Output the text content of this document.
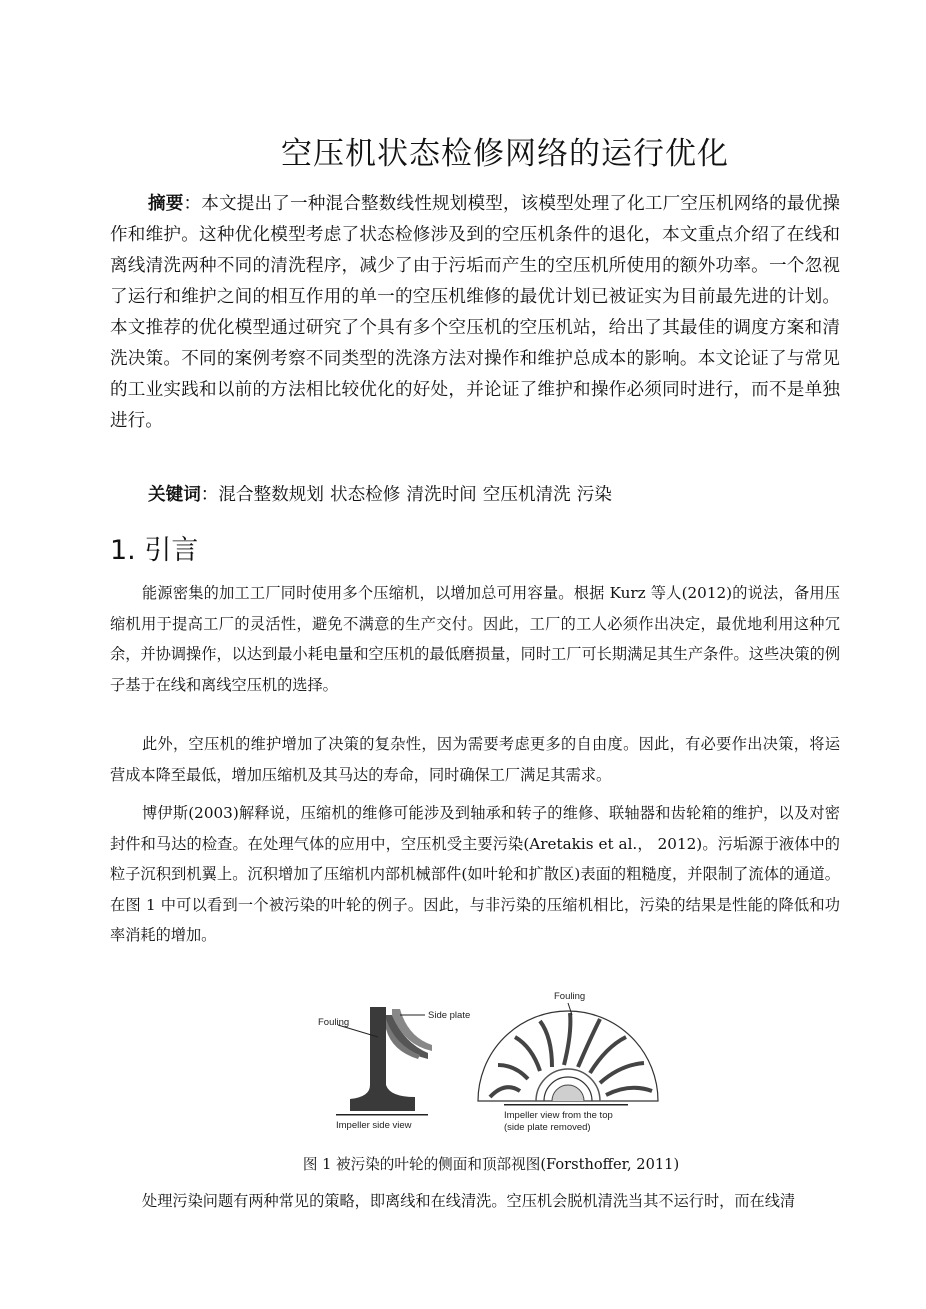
空压机状态检修网络的运行优化

摘要：本文提出了一种混合整数线性规划模型，该模型处理了化工厂空压机网络的最优操作和维护。这种优化模型考虑了状态检修涉及到的空压机条件的退化，本文重点介绍了在线和离线清洗两种不同的清洗程序，减少了由于污垢而产生的空压机所使用的额外功率。一个忽视了运行和维护之间的相互作用的单一的空压机维修的最优计划已被证实为目前最先进的计划。本文推荐的优化模型通过研究了个具有多个空压机的空压机站，给出了其最佳的调度方案和清洗决策。不同的案例考察不同类型的洗涤方法对操作和维护总成本的影响。本文论证了与常见的工业实践和以前的方法相比较优化的好处，并论证了维护和操作必须同时进行，而不是单独进行。

关键词：混合整数规划 状态检修 清洗时间 空压机清洗 污染

1. 引言

能源密集的加工工厂同时使用多个压缩机，以增加总可用容量。根据 Kurz 等人(2012)的说法，备用压缩机用于提高工厂的灵活性，避免不满意的生产交付。因此，工厂的工人必须作出决定，最优地利用这种冗余，并协调操作，以达到最小耗电量和空压机的最低磨损量，同时工厂可长期满足其生产条件。这些决策的例子基于在线和离线空压机的选择。

此外，空压机的维护增加了决策的复杂性，因为需要考虑更多的自由度。因此，有必要作出决策，将运营成本降至最低，增加压缩机及其马达的寿命，同时确保工厂满足其需求。

博伊斯(2003)解释说，压缩机的维修可能涉及到轴承和转子的维修、联轴器和齿轮箱的维护，以及对密封件和马达的检查。在处理气体的应用中，空压机受主要污染(Aretakis et al.， 2012)。污垢源于液体中的粒子沉积到机翼上。沉积增加了压缩机内部机械部件(如叶轮和扩散区)表面的粗糙度，并限制了流体的通道。在图 1 中可以看到一个被污染的叶轮的例子。因此，与非污染的压缩机相比，污染的结果是性能的降低和功率消耗的增加。

Fouling
Side plate
Impeller side view
Fouling
Impeller view from the top
(side plate removed)

图 1 被污染的叶轮的侧面和顶部视图(Forsthoffer, 2011)

处理污染问题有两种常见的策略，即离线和在线清洗。空压机会脱机清洗当其不运行时，而在线清
